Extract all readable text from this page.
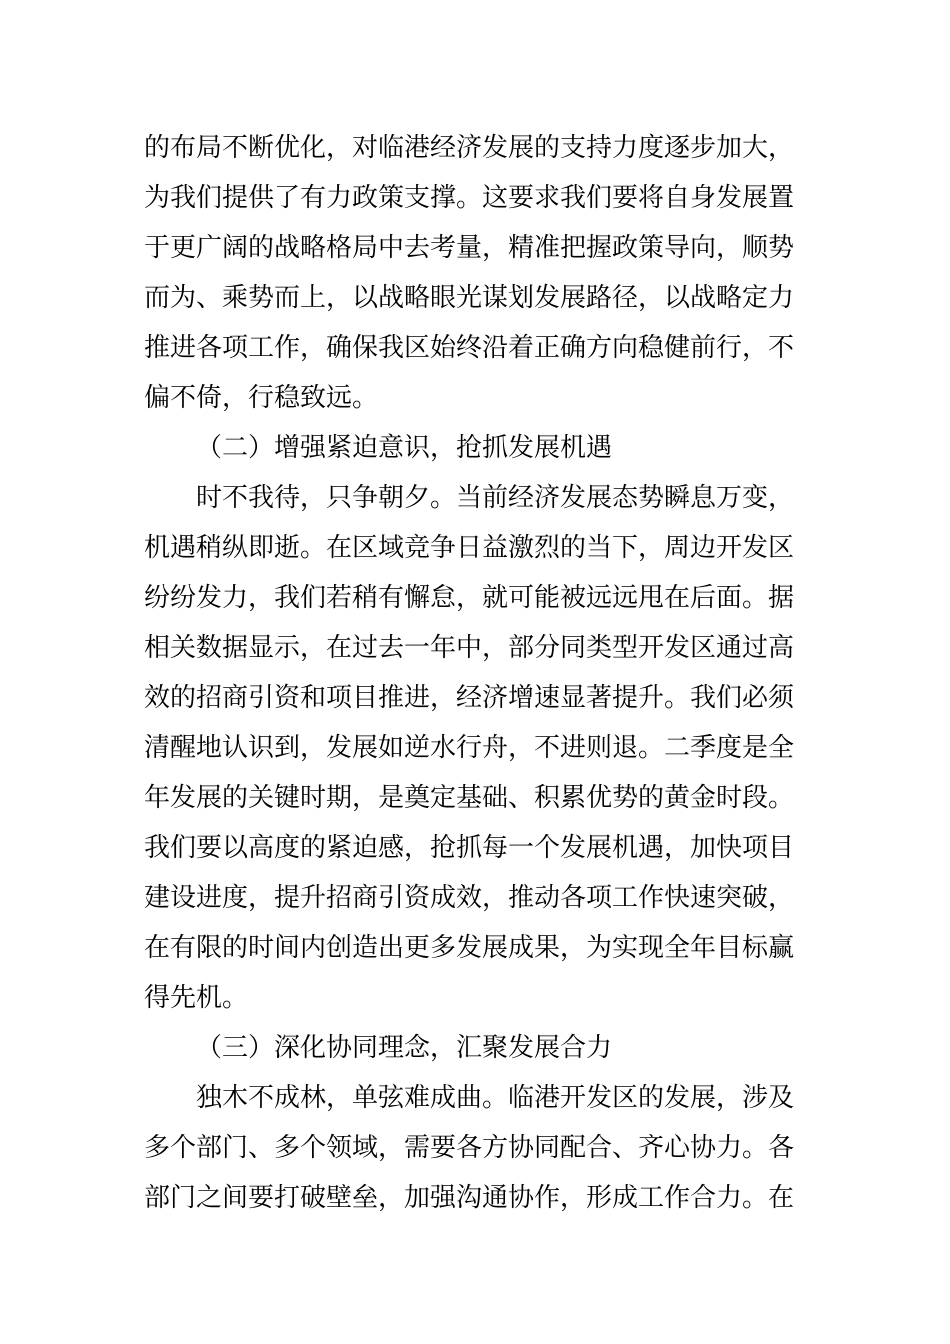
的布局不断优化，对临港经济发展的支持力度逐步加大，
为我们提供了有力政策支撑。这要求我们要将自身发展置
于更广阔的战略格局中去考量，精准把握政策导向，顺势
而为、乘势而上，以战略眼光谋划发展路径，以战略定力
推进各项工作，确保我区始终沿着正确方向稳健前行，不
偏不倚，行稳致远。
（二）增强紧迫意识，抢抓发展机遇
时不我待，只争朝夕。当前经济发展态势瞬息万变，
机遇稍纵即逝。在区域竞争日益激烈的当下，周边开发区
纷纷发力，我们若稍有懈怠，就可能被远远甩在后面。据
相关数据显示，在过去一年中，部分同类型开发区通过高
效的招商引资和项目推进，经济增速显著提升。我们必须
清醒地认识到，发展如逆水行舟，不进则退。二季度是全
年发展的关键时期，是奠定基础、积累优势的黄金时段。
我们要以高度的紧迫感，抢抓每一个发展机遇，加快项目
建设进度，提升招商引资成效，推动各项工作快速突破，
在有限的时间内创造出更多发展成果，为实现全年目标赢
得先机。
（三）深化协同理念，汇聚发展合力
独木不成林，单弦难成曲。临港开发区的发展，涉及
多个部门、多个领域，需要各方协同配合、齐心协力。各
部门之间要打破壁垒，加强沟通协作，形成工作合力。在
